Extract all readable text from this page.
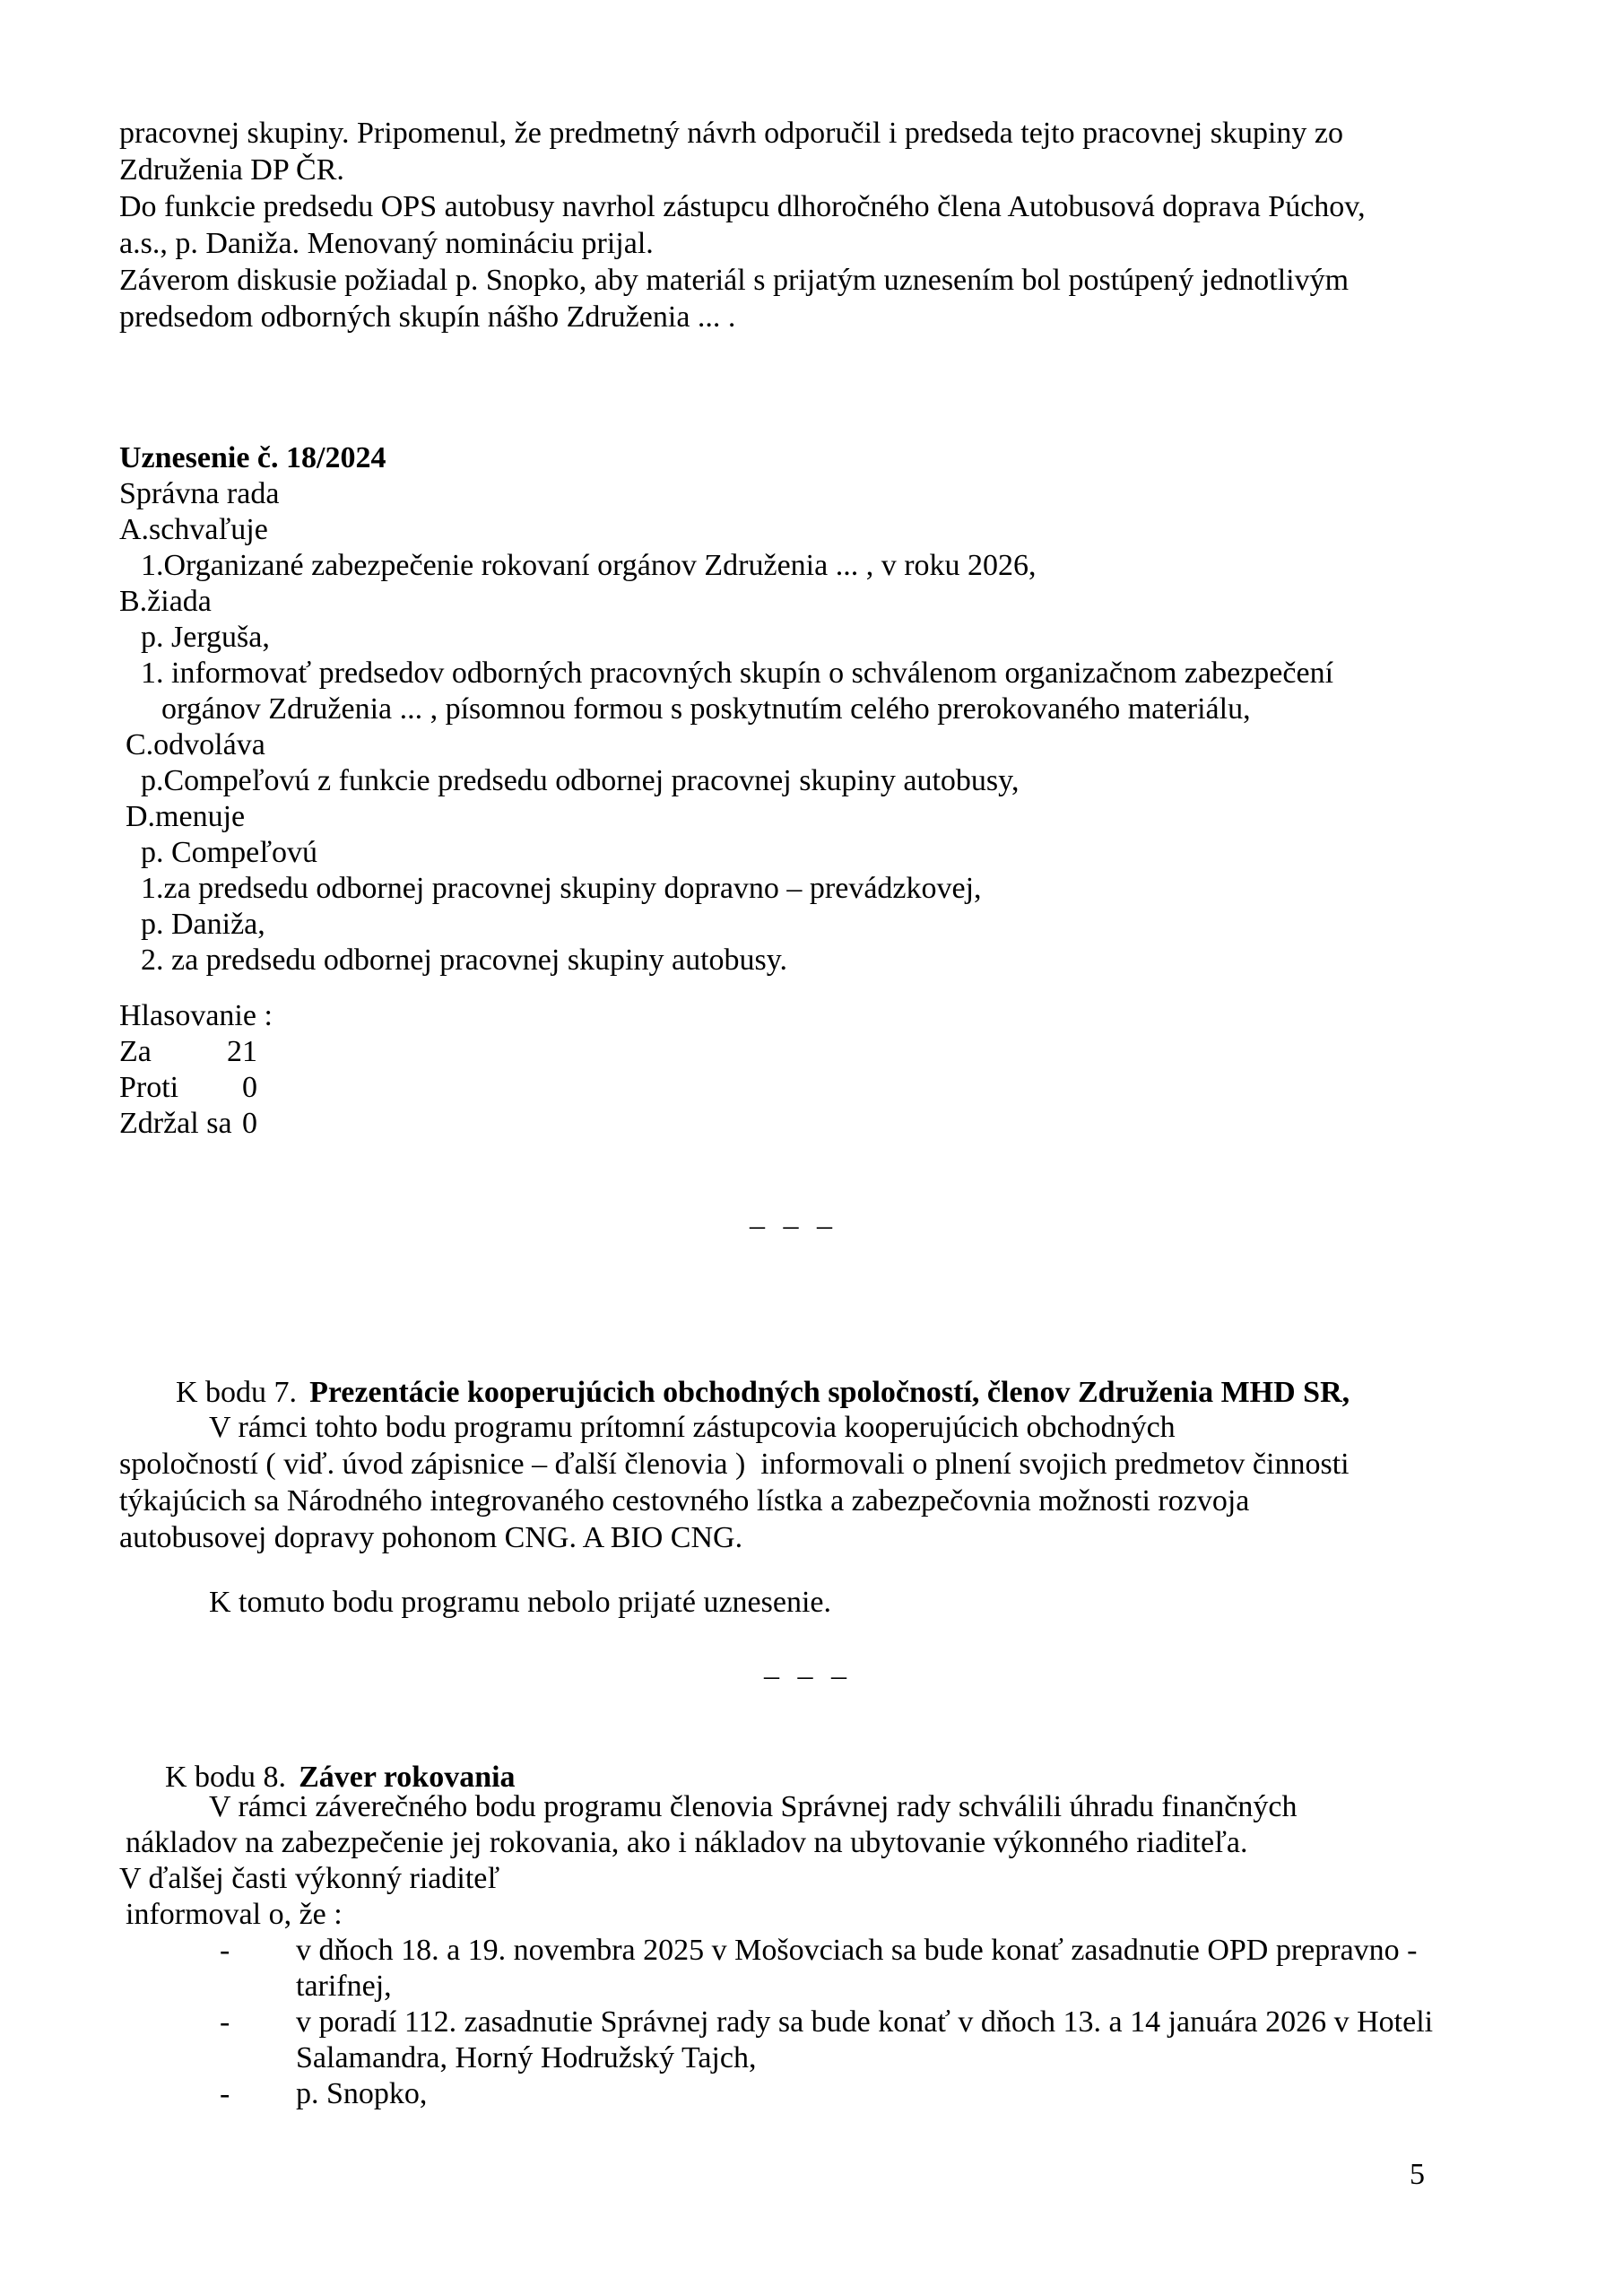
pracovnej skupiny. Pripomenul, že predmetný návrh odporučil i predseda tejto pracovnej skupiny zo
Združenia DP ČR.
Do funkcie predsedu OPS autobusy navrhol zástupcu dlhoročného člena Autobusová doprava Púchov,
a.s., p. Daniža. Menovaný nomináciu prijal.
Záverom diskusie požiadal p. Snopko, aby materiál s prijatým uznesením bol postúpený jednotlivým
predsedom odborných skupín nášho Združenia ... .
Uznesenie č. 18/2024
Správna rada
A.schvaľuje
1.Organizané zabezpečenie rokovaní orgánov Združenia ... , v roku 2026,
B.žiada
p. Jerguša,
1. informovať predsedov odborných pracovných skupín o schválenom organizačnom zabezpečení
orgánov Združenia ... , písomnou formou s poskytnutím celého prerokovaného materiálu,
C.odvoláva
p.Compeľovú z funkcie predsedu odbornej pracovnej skupiny autobusy,
D.menuje
p. Compeľovú
1.za predsedu odbornej pracovnej skupiny dopravno – prevádzkovej,
p. Daniža,
2. za predsedu odbornej pracovnej skupiny autobusy.
Hlasovanie :
Za	21
Proti	0
Zdržal sa 0

– – –

K bodu 7. Prezentácie kooperujúcich obchodných spoločností, členov Združenia MHD SR,

V rámci tohto bodu programu prítomní zástupcovia kooperujúcich obchodných
spoločností ( viď. úvod zápisnice – ďalší členovia )  informovali o plnení svojich predmetov činnosti
týkajúcich sa Národného integrovaného cestovného lístka a zabezpečovnia možnosti rozvoja
autobusovej dopravy pohonom CNG. A BIO CNG.
K tomuto bodu programu nebolo prijaté uznesenie.

– – –

K bodu 8. Záver rokovania

V rámci záverečného bodu programu členovia Správnej rady schválili úhradu finančných
nákladov na zabezpečenie jej rokovania, ako i nákladov na ubytovanie výkonného riaditeľa.
V ďalšej časti výkonný riaditeľ
informoval o, že :
-	v dňoch 18. a 19. novembra 2025 v Mošovciach sa bude konať zasadnutie OPD prepravno -
tarifnej,
-	v poradí 112. zasadnutie Správnej rady sa bude konať v dňoch 13. a 14 januára 2026 v Hoteli
Salamandra, Horný Hodružský Tajch,
-	p. Snopko,
5
